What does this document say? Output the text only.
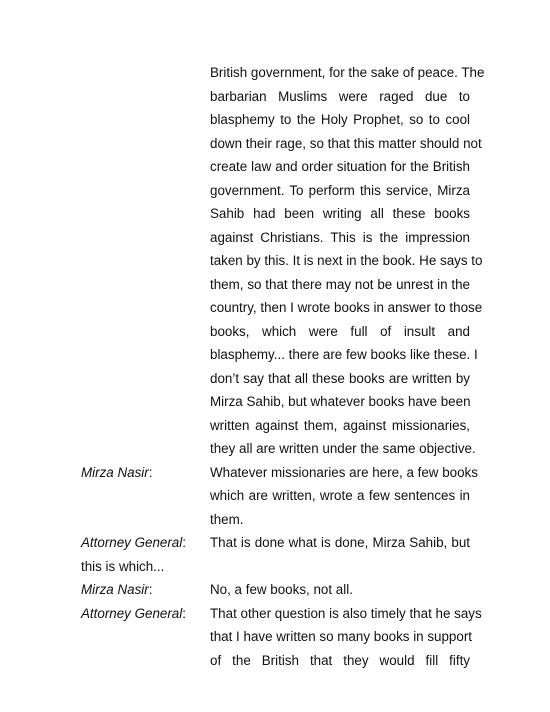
British government, for the sake of peace. The
barbarian Muslims were raged due to
blasphemy to the Holy Prophet, so to cool
down their rage, so that this matter should not
create law and order situation for the British
government. To perform this service, Mirza
Sahib had been writing all these books
against Christians. This is the impression
taken by this. It is next in the book. He says to
them, so that there may not be unrest in the
country, then I wrote books in answer to those
books, which were full of insult and
blasphemy... there are few books like these. I
don’t say that all these books are written by
Mirza Sahib, but whatever books have been
written against them, against missionaries,
they all are written under the same objective.
Mirza Nasir:	Whatever missionaries are here, a few books
which are written, wrote a few sentences in
them.
Attorney General: That is done what is done, Mirza Sahib, but
this is which...
Mirza Nasir:	No, a few books, not all.
Attorney General: That other question is also timely that he says
that I have written so many books in support
of the British that they would fill fifty
